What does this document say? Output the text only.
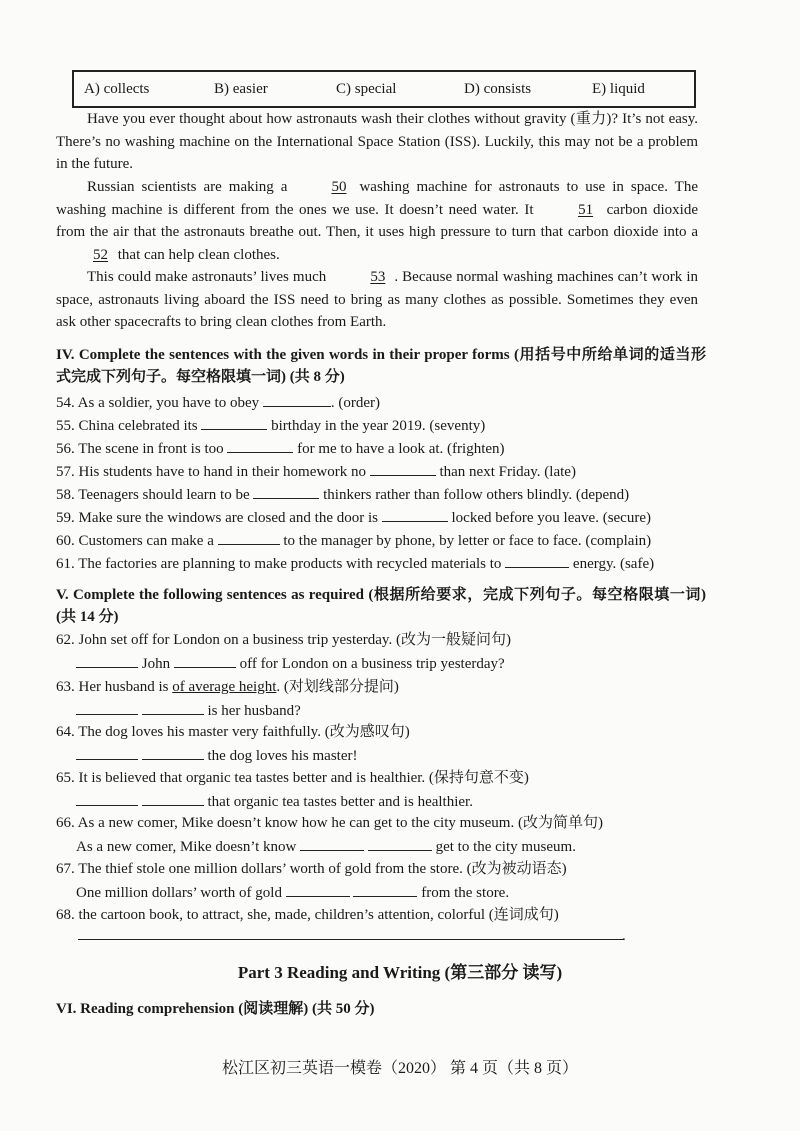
A) collects	B) easier	C) special	D) consists	E) liquid
Have you ever thought about how astronauts wash their clothes without gravity (重力)? It’s not easy. There’s no washing machine on the International Space Station (ISS). Luckily, this may not be a problem in the future.
Russian scientists are making a 50 washing machine for astronauts to use in space. The washing machine is different from the ones we use. It doesn’t need water. It	51 carbon dioxide from the air that the astronauts breathe out. Then, it uses high pressure to turn that carbon dioxide into a 52 that can help clean clothes.
This could make astronauts’ lives much	53 . Because normal washing machines can’t work in space, astronauts living aboard the ISS need to bring as many clothes as possible. Sometimes they even ask other spacecrafts to bring clean clothes from Earth.
IV. Complete the sentences with the given words in their proper forms (用括号中所给单词的适当形式完成下列句子。每空格限填一词) (共 8 分)
54. As a soldier, you have to obey	. (order)
55. China celebrated its	birthday in the year 2019. (seventy)
56. The scene in front is too	for me to have a look at. (frighten)
57. His students have to hand in their homework no	than next Friday. (late)
58. Teenagers should learn to be	thinkers rather than follow others blindly. (depend)
59. Make sure the windows are closed and the door is	locked before you leave. (secure)
60. Customers can make a	to the manager by phone, by letter or face to face. (complain)
61. The factories are planning to make products with recycled materials to	energy. (safe)
V. Complete the following sentences as required (根据所给要求，完成下列句子。每空格限填一词) (共 14 分)
62. John set off for London on a business trip yesterday. (改为一般疑问句)
John	off for London on a business trip yesterday?
63. Her husband is of average height. (对划线部分提问)
is her husband?
64. The dog loves his master very faithfully. (改为感叹句)
the dog loves his master!
65. It is believed that organic tea tastes better and is healthier. (保持句意不变)
that organic tea tastes better and is healthier.
66. As a new comer, Mike doesn’t know how he can get to the city museum. (改为简单句)
As a new comer, Mike doesn’t know	get to the city museum.
67. The thief stole one million dollars’ worth of gold from the store. (改为被动语态)
One million dollars’ worth of gold	from the store.
68. the cartoon book, to attract, she, made, children’s attention, colorful (连词成句)
.
Part 3 Reading and Writing (第三部分 读写)
VI. Reading comprehension (阅读理解) (共 50 分)
松江区初三英语一模卷（2020） 第 4 页（共 8 页）
